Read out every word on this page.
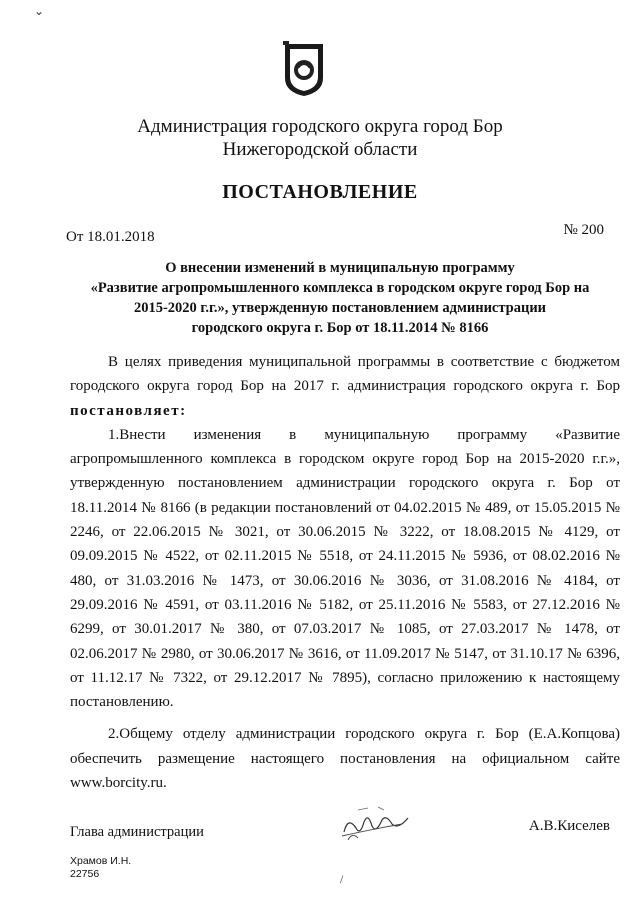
⌄
Администрация городского округа город Бор
Нижегородской области
ПОСТАНОВЛЕНИЕ
От 18.01.2018	№ 200
О внесении изменений в муниципальную программу
«Развитие агропромышленного комплекса в городском округе город Бор на
2015-2020 г.г.», утвержденную постановлением администрации
городского округа г. Бор от 18.11.2014 № 8166
В целях приведения муниципальной программы в соответствие с бюджетом
городского округа город Бор на 2017 г. администрация городского округа г. Бор
постановляет:
1.Внести изменения в муниципальную программу «Развитие
агропромышленного комплекса в городском округе город Бор на 2015-2020 г.г.»,
утвержденную постановлением администрации городского округа г. Бор от
18.11.2014 № 8166 (в редакции постановлений от 04.02.2015 № 489, от 15.05.2015 №
2246, от 22.06.2015 № 3021, от 30.06.2015 № 3222, от 18.08.2015 № 4129, от
09.09.2015 № 4522, от 02.11.2015 № 5518, от 24.11.2015 № 5936, от 08.02.2016 №
480, от 31.03.2016 № 1473, от 30.06.2016 № 3036, от 31.08.2016 № 4184, от
29.09.2016 № 4591, от 03.11.2016 № 5182, от 25.11.2016 № 5583, от 27.12.2016 №
6299, от 30.01.2017 № 380, от 07.03.2017 № 1085, от 27.03.2017 № 1478, от
02.06.2017 № 2980, от 30.06.2017 № 3616, от 11.09.2017 № 5147, от 31.10.17 № 6396,
от 11.12.17 № 7322, от 29.12.2017 № 7895), согласно приложению к настоящему
постановлению.
2.Общему отделу администрации городского округа г. Бор (Е.А.Копцова)
обеспечить размещение настоящего постановления на официальном сайте
www.borcity.ru.
Глава администрации	А.В.Киселев
Храмов И.Н.
22756	/
